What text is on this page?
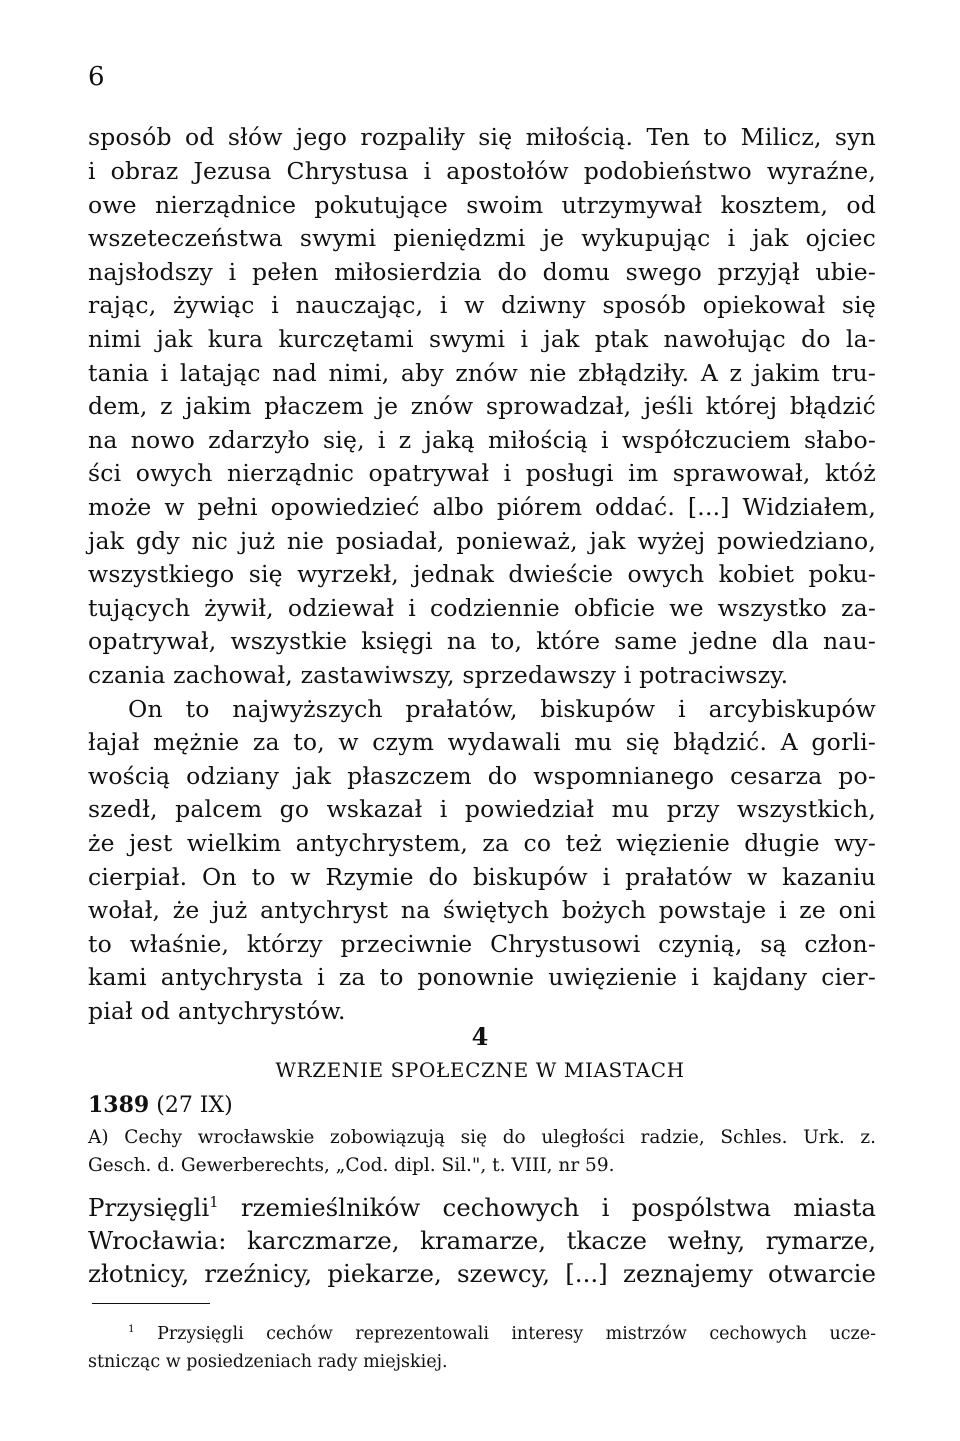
6
sposób od słów jego rozpaliły się miłością. Ten to Milicz, syn
i obraz Jezusa Chrystusa i apostołów podobieństwo wyraźne,
owe nierządnice pokutujące swoim utrzymywał kosztem, od
wszeteczeństwa swymi pieniędzmi je wykupując i jak ojciec
najsłodszy i pełen miłosierdzia do domu swego przyjął ubie-
rając, żywiąc i nauczając, i w dziwny sposób opiekował się
nimi jak kura kurczętami swymi i jak ptak nawołując do la-
tania i latając nad nimi, aby znów nie zbłądziły. A z jakim tru-
dem, z jakim płaczem je znów sprowadzał, jeśli której błądzić
na nowo zdarzyło się, i z jaką miłością i współczuciem słabo-
ści owych nierządnic opatrywał i posługi im sprawował, któż
może w pełni opowiedzieć albo piórem oddać. [...] Widziałem,
jak gdy nic już nie posiadał, ponieważ, jak wyżej powiedziano,
wszystkiego się wyrzekł, jednak dwieście owych kobiet poku-
tujących żywił, odziewał i codziennie obficie we wszystko za-
opatrywał, wszystkie księgi na to, które same jedne dla nau-
czania zachował, zastawiwszy, sprzedawszy i potraciwszy.
On to najwyższych prałatów, biskupów i arcybiskupów
łajał mężnie za to, w czym wydawali mu się błądzić. A gorli-
wością odziany jak płaszczem do wspomnianego cesarza po-
szedł, palcem go wskazał i powiedział mu przy wszystkich,
że jest wielkim antychrystem, za co też więzienie długie wy-
cierpiał. On to w Rzymie do biskupów i prałatów w kazaniu
wołał, że już antychryst na świętych bożych powstaje i ze oni
to właśnie, którzy przeciwnie Chrystusowi czynią, są człon-
kami antychrysta i za to ponownie uwięzienie i kajdany cier-
piał od antychrystów.
4
WRZENIE SPOŁECZNE W MIASTACH
1389 (27 IX)
A) Cechy wrocławskie zobowiązują się do uległości radzie, Schles. Urk. z.
Gesch. d. Gewerberechts, „Cod. dipl. Sil.", t. VIII, nr 59.
Przysięgli$^1$ rzemieślników cechowych i pospólstwa miasta
Wrocławia: karczmarze, kramarze, tkacze wełny, rymarze,
złotnicy, rzeźnicy, piekarze, szewcy, [...] zeznajemy otwarcie
$^1$ Przysięgli cechów reprezentowali interesy mistrzów cechowych ucze-
stnicząc w posiedzeniach rady miejskiej.
